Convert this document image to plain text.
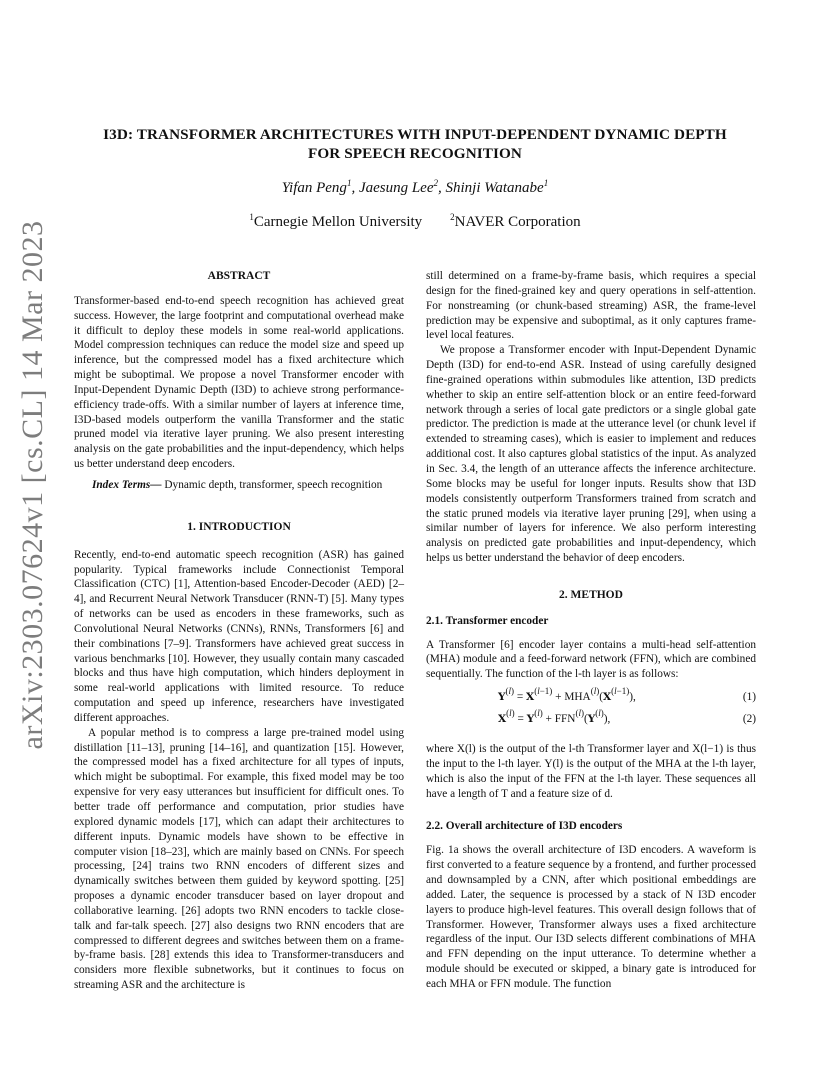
arXiv:2303.07624v1 [cs.CL] 14 Mar 2023
I3D: TRANSFORMER ARCHITECTURES WITH INPUT-DEPENDENT DYNAMIC DEPTH
FOR SPEECH RECOGNITION
Yifan Peng$^1$, Jaesung Lee$^2$, Shinji Watanabe$^1$
$^1$Carnegie Mellon University	$^2$NAVER Corporation

ABSTRACT

Transformer-based end-to-end speech recognition has achieved great success. However, the large footprint and computational overhead make it difficult to deploy these models in some real-world applications. Model compression techniques can reduce the model size and speed up inference, but the compressed model has a fixed architecture which might be suboptimal. We propose a novel Transformer encoder with Input-Dependent Dynamic Depth (I3D) to achieve strong performance-efficiency trade-offs. With a similar number of layers at inference time, I3D-based models outperform the vanilla Transformer and the static pruned model via iterative layer pruning. We also present interesting analysis on the gate probabilities and the input-dependency, which helps us better understand deep encoders.

Index Terms— Dynamic depth, transformer, speech recognition

1. INTRODUCTION

Recently, end-to-end automatic speech recognition (ASR) has gained popularity. Typical frameworks include Connectionist Temporal Classification (CTC) [1], Attention-based Encoder-Decoder (AED) [2–4], and Recurrent Neural Network Transducer (RNN-T) [5]. Many types of networks can be used as encoders in these frameworks, such as Convolutional Neural Networks (CNNs), RNNs, Transformers [6] and their combinations [7–9]. Transformers have achieved great success in various benchmarks [10]. However, they usually contain many cascaded blocks and thus have high computation, which hinders deployment in some real-world applications with limited resource. To reduce computation and speed up inference, researchers have investigated different approaches.

A popular method is to compress a large pre-trained model using distillation [11–13], pruning [14–16], and quantization [15]. However, the compressed model has a fixed architecture for all types of inputs, which might be suboptimal. For example, this fixed model may be too expensive for very easy utterances but insufficient for difficult ones. To better trade off performance and computation, prior studies have explored dynamic models [17], which can adapt their architectures to different inputs. Dynamic models have shown to be effective in computer vision [18–23], which are mainly based on CNNs. For speech processing, [24] trains two RNN encoders of different sizes and dynamically switches between them guided by keyword spotting. [25] proposes a dynamic encoder transducer based on layer dropout and collaborative learning. [26] adopts two RNN encoders to tackle close-talk and far-talk speech. [27] also designs two RNN encoders that are compressed to different degrees and switches between them on a frame-by-frame basis. [28] extends this idea to Transformer-transducers and considers more flexible subnetworks, but it continues to focus on streaming ASR and the architecture is

still determined on a frame-by-frame basis, which requires a special design for the fined-grained key and query operations in self-attention. For nonstreaming (or chunk-based streaming) ASR, the frame-level prediction may be expensive and suboptimal, as it only captures frame-level local features.

We propose a Transformer encoder with Input-Dependent Dynamic Depth (I3D) for end-to-end ASR. Instead of using carefully designed fine-grained operations within submodules like attention, I3D predicts whether to skip an entire self-attention block or an entire feed-forward network through a series of local gate predictors or a single global gate predictor. The prediction is made at the utterance level (or chunk level if extended to streaming cases), which is easier to implement and reduces additional cost. It also captures global statistics of the input. As analyzed in Sec. 3.4, the length of an utterance affects the inference architecture. Some blocks may be useful for longer inputs. Results show that I3D models consistently outperform Transformers trained from scratch and the static pruned models via iterative layer pruning [29], when using a similar number of layers for inference. We also perform interesting analysis on predicted gate probabilities and input-dependency, which helps us better understand the behavior of deep encoders.

2. METHOD

2.1. Transformer encoder

A Transformer [6] encoder layer contains a multi-head self-attention (MHA) module and a feed-forward network (FFN), which are combined sequentially. The function of the l-th layer is as follows:

$Y^{(l)} = X^{(l-1)} + MHA^{(l)}(X^{(l-1)})$,	(1)
$X^{(l)} = Y^{(l)} + FFN^{(l)}(Y^{(l)})$,	(2)

where X(l) is the output of the l-th Transformer layer and X(l−1) is thus the input to the l-th layer. Y(l) is the output of the MHA at the l-th layer, which is also the input of the FFN at the l-th layer. These sequences all have a length of T and a feature size of d.

2.2. Overall architecture of I3D encoders

Fig. 1a shows the overall architecture of I3D encoders. A waveform is first converted to a feature sequence by a frontend, and further processed and downsampled by a CNN, after which positional embeddings are added. Later, the sequence is processed by a stack of N I3D encoder layers to produce high-level features. This overall design follows that of Transformer. However, Transformer always uses a fixed architecture regardless of the input. Our I3D selects different combinations of MHA and FFN depending on the input utterance. To determine whether a module should be executed or skipped, a binary gate is introduced for each MHA or FFN module. The function
